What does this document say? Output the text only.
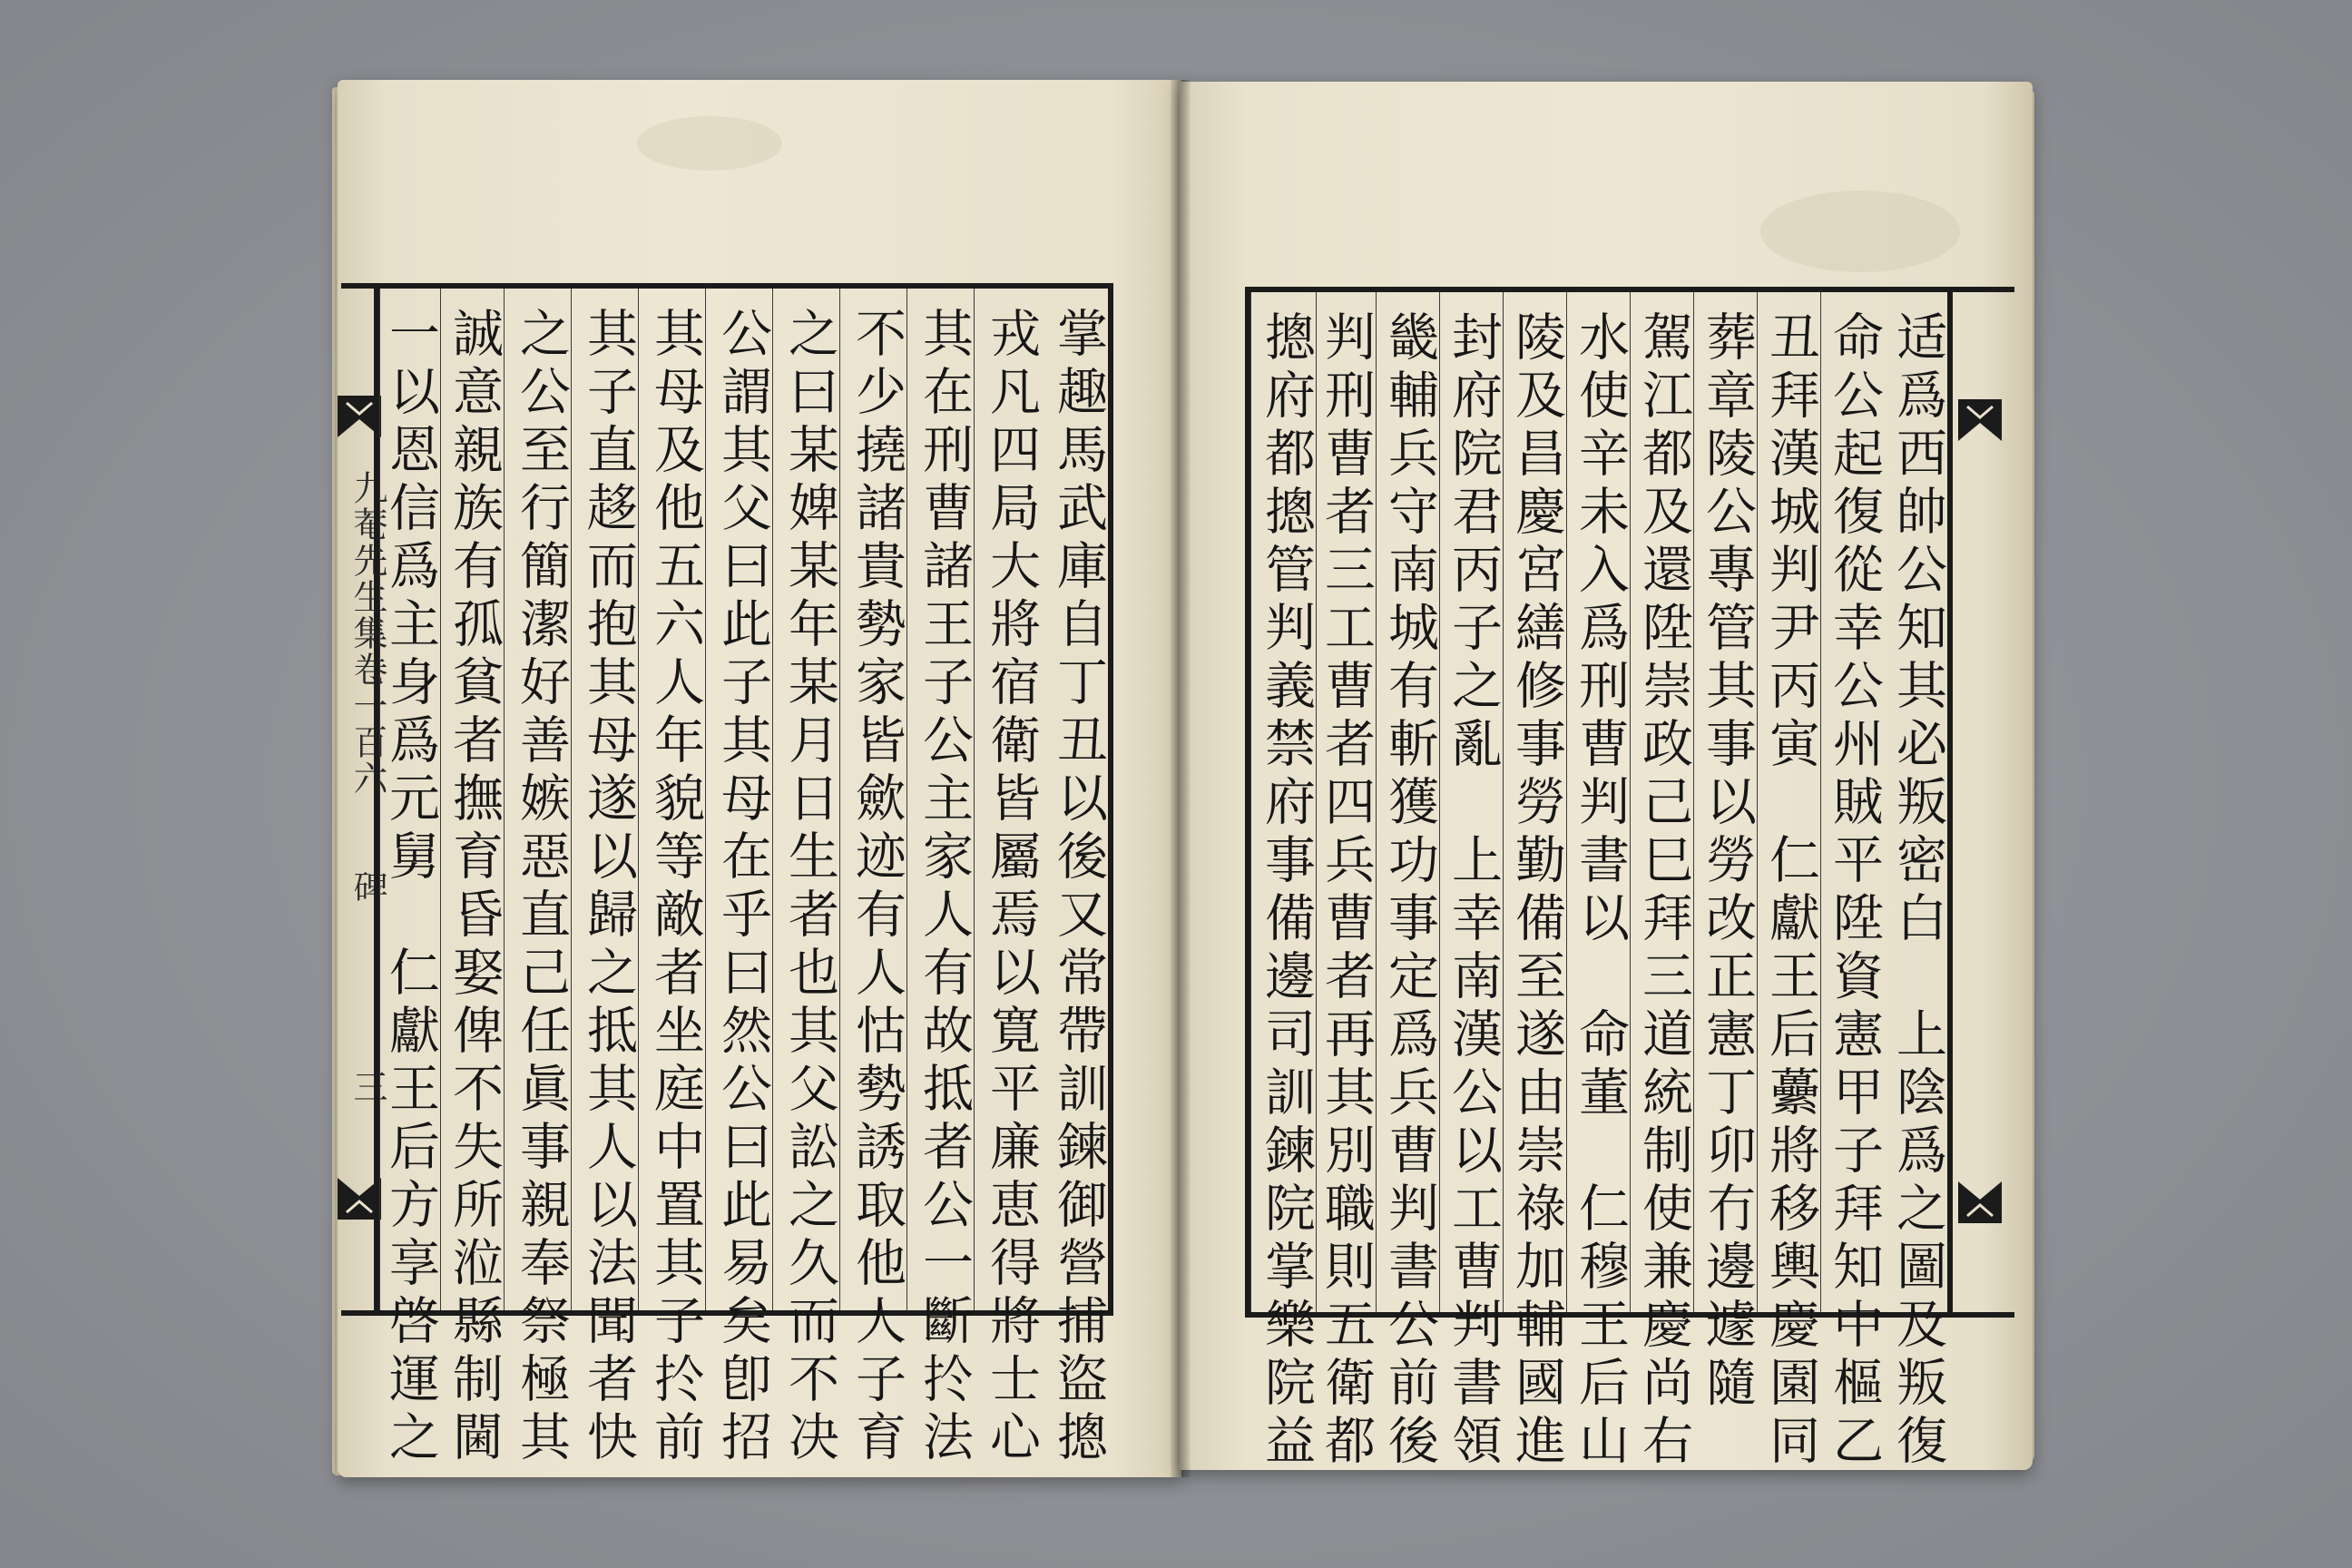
九菴先生集卷一百六
碑
三	掌趣馬武庫自丁丑以後又常帶訓鍊御營捕盜摠
戎凡四局大將宿衛皆屬焉以寛平廉恵得將士心
其在刑曹諸王子公主家人有故抵者公一斷扵法
不少撓諸貴勢家皆歛迹有人怙勢誘取他人子育
之曰某婢某年某月日生者也其父訟之久而不决
公謂其父曰此子其母在乎曰然公曰此易矣卽招
其母及他五六人年貌等敵者坐庭中置其子扵前
其子直趍而抱其母遂以歸之抵其人以法聞者快
之公至行簡潔好善嫉惡直己任眞事親奉祭極其
誠意親族有孤貧者撫育昏娶俾不失所涖縣制閫
一以恩信爲主身爲元舅　仁獻王后方享啓運之	适爲西帥公知其必叛密白　上陰爲之圖及叛復
命公起復從幸公州賊平陞資憲甲子拜知中樞乙
丑拜漢城判尹丙寅　仁獻王后虆將移輿慶園同
葬章陵公專管其事以勞改正憲丁卯冇邊遽隨
駕江都及還陞崇政己巳拜三道統制使兼慶尚右
水使辛未入爲刑曹判書以　命董　仁穆王后山
陵及昌慶宮繕修事勞勤備至遂由崇祿加輔國進
封府院君丙子之亂　上幸南漢公以工曹判書領
畿輔兵守南城有斬獲功事定爲兵曹判書公前後
判刑曹者三工曹者四兵曹者再其別職則五衛都
摠府都摠管判義禁府事備邊司訓鍊院掌樂院益
